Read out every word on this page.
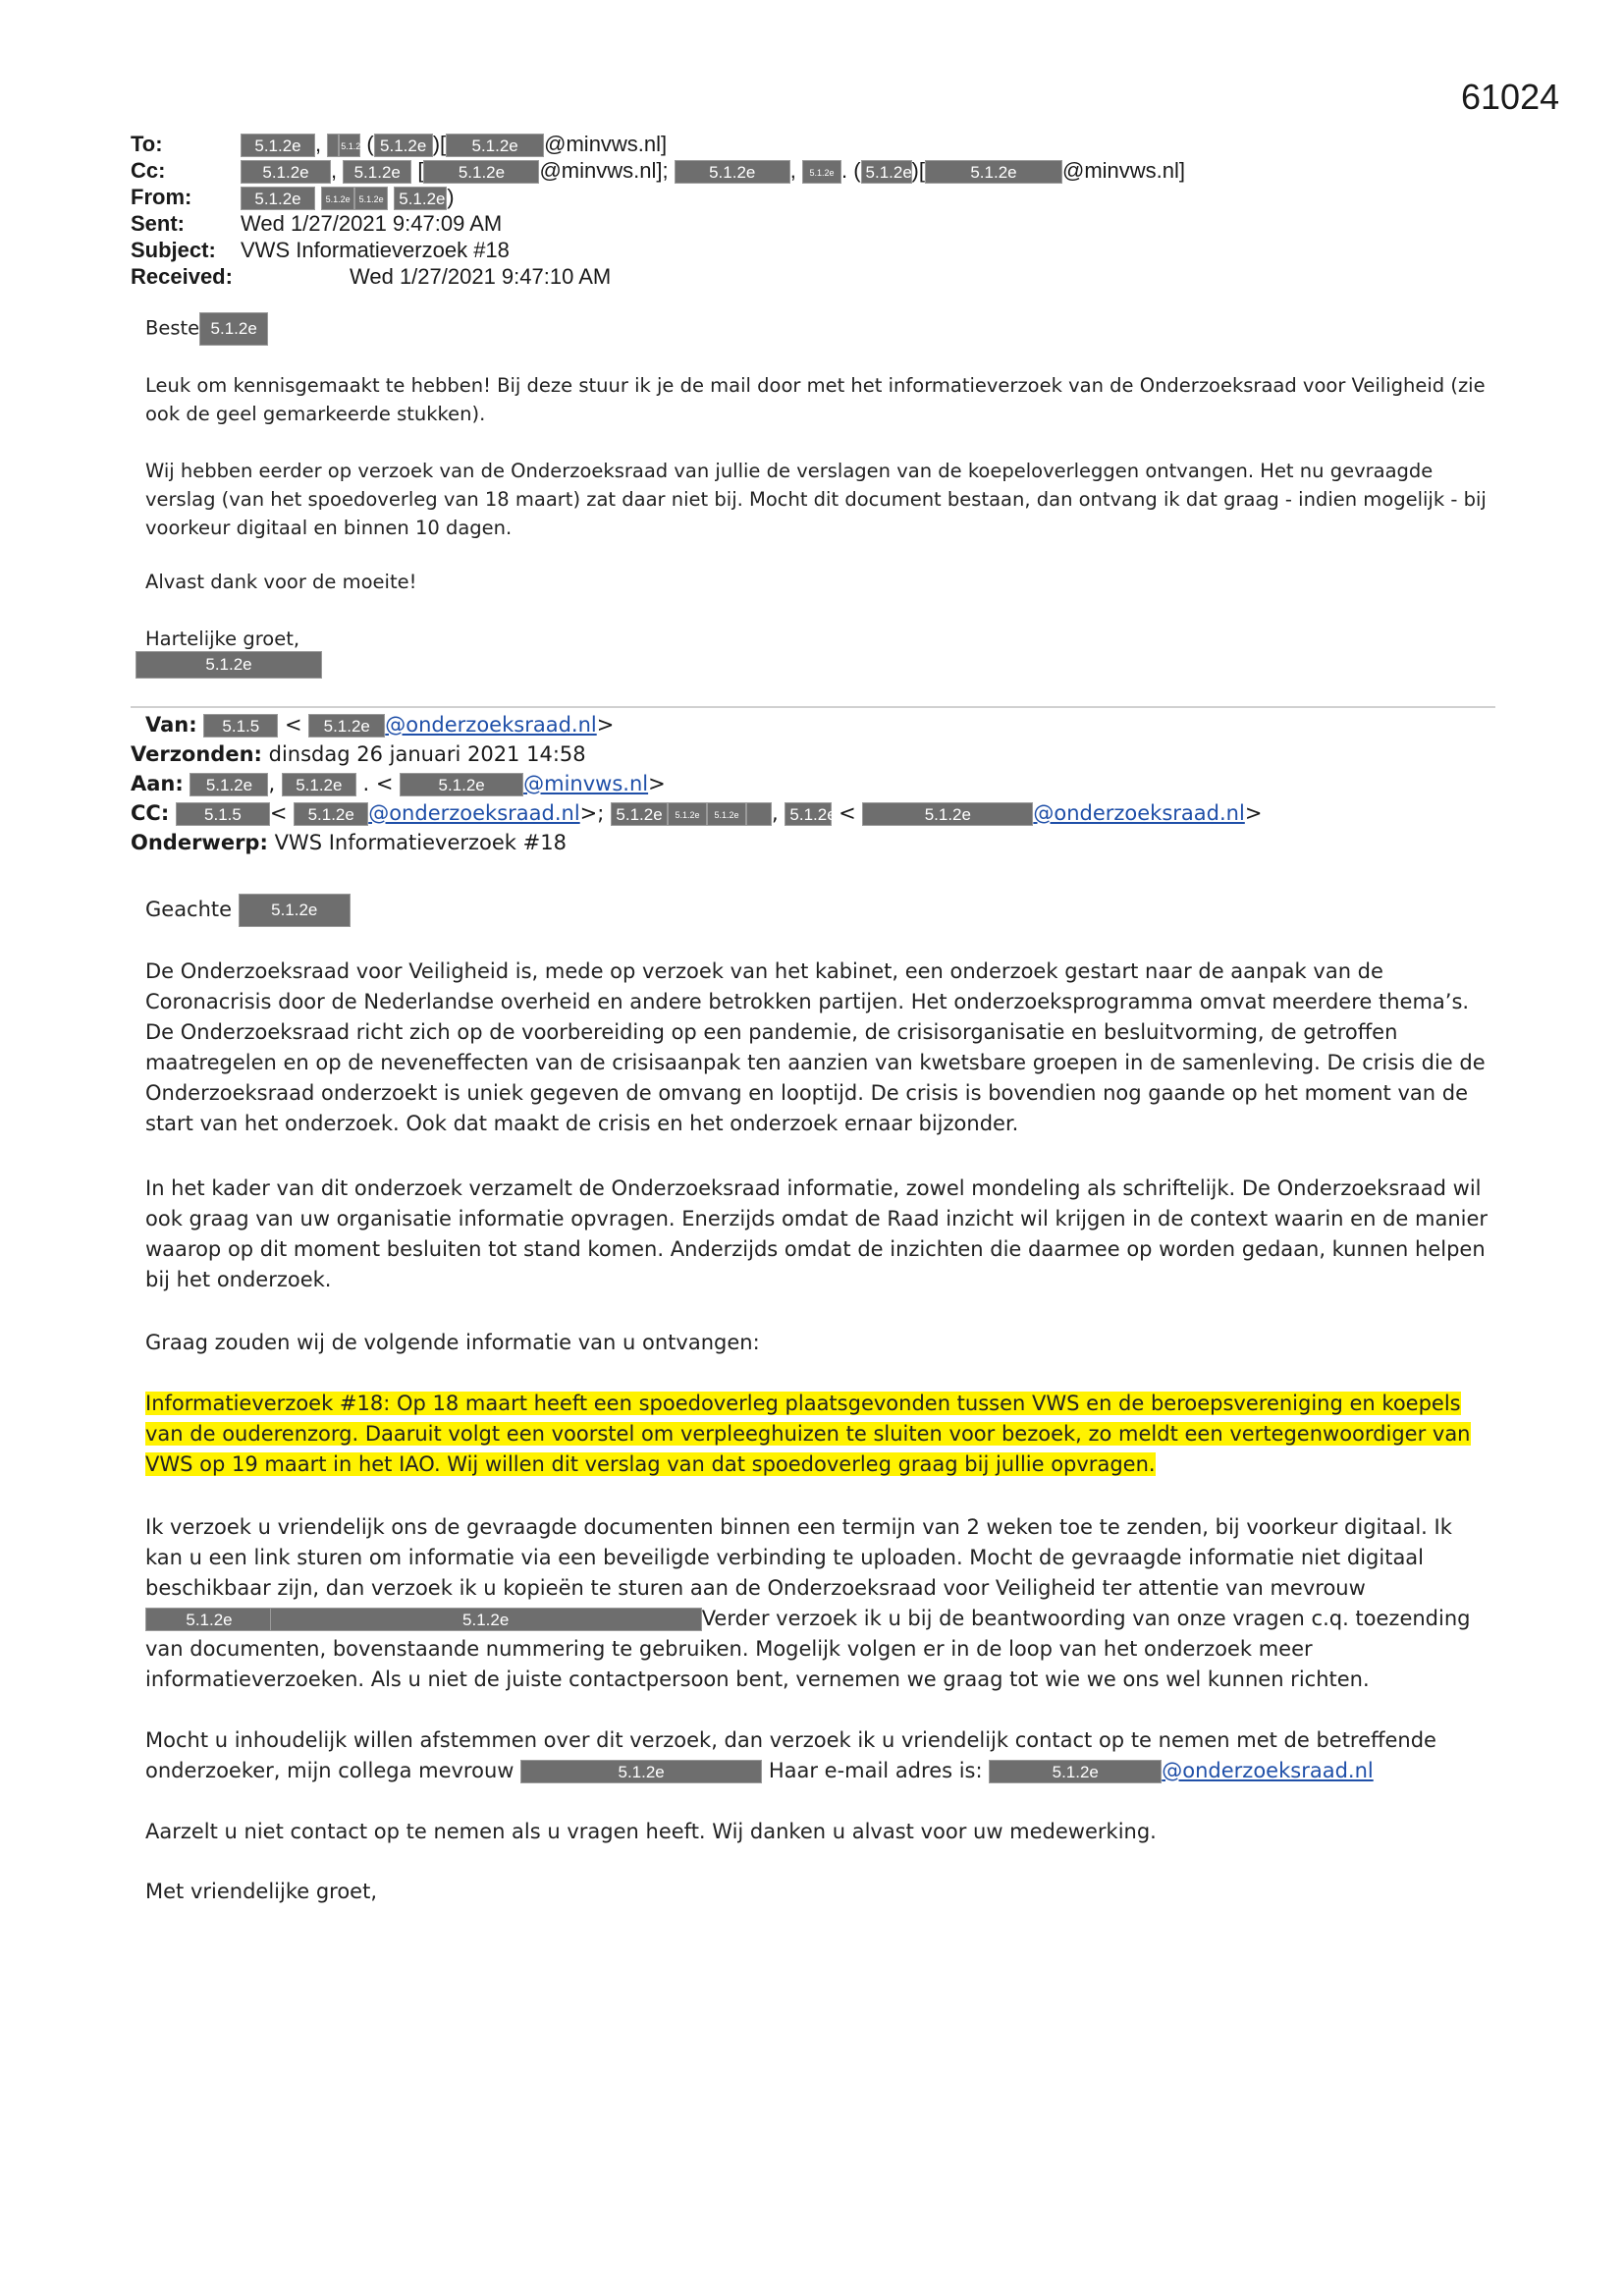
61024
To:	5.1.2e , 5.1.2e ( 5.1.2e )[ 5.1.2e @minvws.nl]
Cc:	5.1.2e , 5.1.2e [ 5.1.2e @minvws.nl]; 5.1.2e , 5.1.2e . ( 5.1.2e)[	5.1.2e @minvws.nl]
From:	5.1.2e	5.1.2e 5.1.2e 5.1.2e)
Sent:	Wed 1/27/2021 9:47:09 AM
Subject: VWS Informatieverzoek #18
Received:	Wed 1/27/2021 9:47:10 AM
Beste 5.1.2e

Leuk om kennisgemaakt te hebben! Bij deze stuur ik je de mail door met het informatieverzoek van de Onderzoeksraad voor Veiligheid (zie ook de geel gemarkeerde stukken).

Wij hebben eerder op verzoek van de Onderzoeksraad van jullie de verslagen van de koepeloverleggen ontvangen. Het nu gevraagde verslag (van het spoedoverleg van 18 maart) zat daar niet bij. Mocht dit document bestaan, dan ontvang ik dat graag - indien mogelijk - bij voorkeur digitaal en binnen 10 dagen.

Alvast dank voor de moeite!

Hartelijke groet,

5.1.2e
Van: 5.1.5 < 5.1.2e @onderzoeksraad.nl>
Verzonden: dinsdag 26 januari 2021 14:58
Aan: 5.1.2e , 5.1.2e . < 5.1.2e @minvws.nl>
CC: 5.1.5 < 5.1.2e @onderzoeksraad.nl>; 5.1.2e 5.1.2e 5.1.2e , 5.1.2e <	5.1.2e	@onderzoeksraad.nl>
Onderwerp: VWS Informatieverzoek #18
Geachte 5.1.2e

De Onderzoeksraad voor Veiligheid is, mede op verzoek van het kabinet, een onderzoek gestart naar de aanpak van de Coronacrisis door de Nederlandse overheid en andere betrokken partijen. Het onderzoeksprogramma omvat meerdere thema’s. De Onderzoeksraad richt zich op de voorbereiding op een pandemie, de crisisorganisatie en besluitvorming, de getroffen maatregelen en op de neveneffecten van de crisisaanpak ten aanzien van kwetsbare groepen in de samenleving. De crisis die de Onderzoeksraad onderzoekt is uniek gegeven de omvang en looptijd. De crisis is bovendien nog gaande op het moment van de start van het onderzoek. Ook dat maakt de crisis en het onderzoek ernaar bijzonder.

In het kader van dit onderzoek verzamelt de Onderzoeksraad informatie, zowel mondeling als schriftelijk. De Onderzoeksraad wil ook graag van uw organisatie informatie opvragen. Enerzijds omdat de Raad inzicht wil krijgen in de context waarin en de manier waarop op dit moment besluiten tot stand komen. Anderzijds omdat de inzichten die daarmee op worden gedaan, kunnen helpen bij het onderzoek.

Graag zouden wij de volgende informatie van u ontvangen:

Informatieverzoek #18: Op 18 maart heeft een spoedoverleg plaatsgevonden tussen VWS en de beroepsvereniging en koepels van de ouderenzorg. Daaruit volgt een voorstel om verpleeghuizen te sluiten voor bezoek, zo meldt een vertegenwoordiger van VWS op 19 maart in het IAO. Wij willen dit verslag van dat spoedoverleg graag bij jullie opvragen.

Ik verzoek u vriendelijk ons de gevraagde documenten binnen een termijn van 2 weken toe te zenden, bij voorkeur digitaal. Ik kan u een link sturen om informatie via een beveiligde verbinding te uploaden. Mocht de gevraagde informatie niet digitaal beschikbaar zijn, dan verzoek ik u kopieën te sturen aan de Onderzoeksraad voor Veiligheid ter attentie van mevrouw 5.1.2e	5.1.2e	Verder verzoek ik u bij de beantwoording van onze vragen c.q. toezending van documenten, bovenstaande nummering te gebruiken. Mogelijk volgen er in de loop van het onderzoek meer informatieverzoeken. Als u niet de juiste contactpersoon bent, vernemen we graag tot wie we ons wel kunnen richten.

Mocht u inhoudelijk willen afstemmen over dit verzoek, dan verzoek ik u vriendelijk contact op te nemen met de betreffende onderzoeker, mijn collega mevrouw	5.1.2e	Haar e-mail adres is:	5.1.2e	@onderzoeksraad.nl

Aarzelt u niet contact op te nemen als u vragen heeft. Wij danken u alvast voor uw medewerking.

Met vriendelijke groet,
